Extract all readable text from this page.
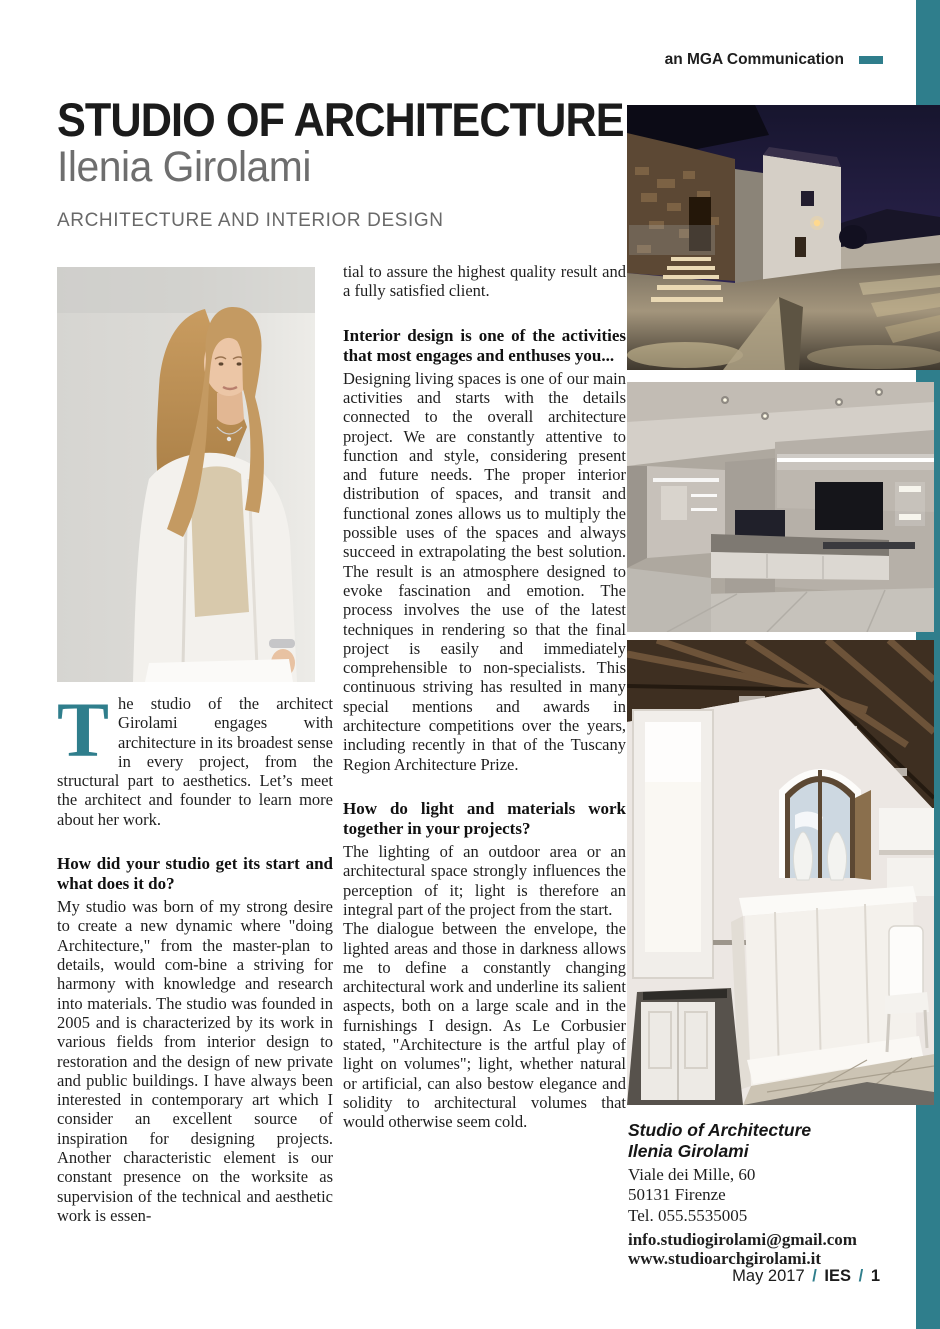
an MGA Communication
STUDIO OF ARCHITECTURE
Ilenia Girolami
ARCHITECTURE AND INTERIOR DESIGN

The studio of the architect Girolami engages with architecture in its broadest sense in every project, from the structural part to aesthetics. Let’s meet the architect and founder to learn more about her work.

How did your studio get its start and what does it do?

My studio was born of my strong desire to create a new dynamic where "doing Architecture," from the master-plan to details, would com-bine a striving for harmony with knowledge and research into materials. The studio was founded in 2005 and is characterized by its work in various fields from interior design to restoration and the design of new private and public buildings. I have always been interested in contemporary art which I consider an excellent source of inspiration for designing projects. Another characteristic element is our constant presence on the worksite as supervision of the technical and aesthetic work is essen-

tial to assure the highest quality result and a fully satisfied client.

Interior design is one of the activities that most engages and enthuses you...

Designing living spaces is one of our main activities and starts with the details connected to the overall architecture project. We are constantly attentive to function and style, considering present and future needs. The proper interior distribution of spaces, and transit and functional zones allows us to multiply the possible uses of the spaces and always succeed in extrapolating the best solution. The result is an atmosphere designed to evoke fascination and emotion. The process involves the use of the latest techniques in rendering so that the final project is easily and immediately comprehensible to non-specialists. This continuous striving has resulted in many special mentions and awards in architecture competitions over the years, including recently in that of the Tuscany Region Architecture Prize.

How do light and materials work together in your projects?

The lighting of an outdoor area or an architectural space strongly influences the perception of it; light is therefore an integral part of the project from the start.

The dialogue between the envelope, the lighted areas and those in darkness allows me to define a constantly changing architectural work and underline its salient aspects, both on a large scale and in the furnishings I design. As Le Corbusier stated, "Architecture is the artful play of light on volumes"; light, whether natural or artificial, can also bestow elegance and solidity to architectural volumes that would otherwise seem cold.	Studio of Architecture
Ilenia Girolami
Viale dei Mille, 60
50131 Firenze
Tel. 055.5535005
info.studiogirolami@gmail.com
www.studioarchgirolami.it
May 2017 / IES / 1
